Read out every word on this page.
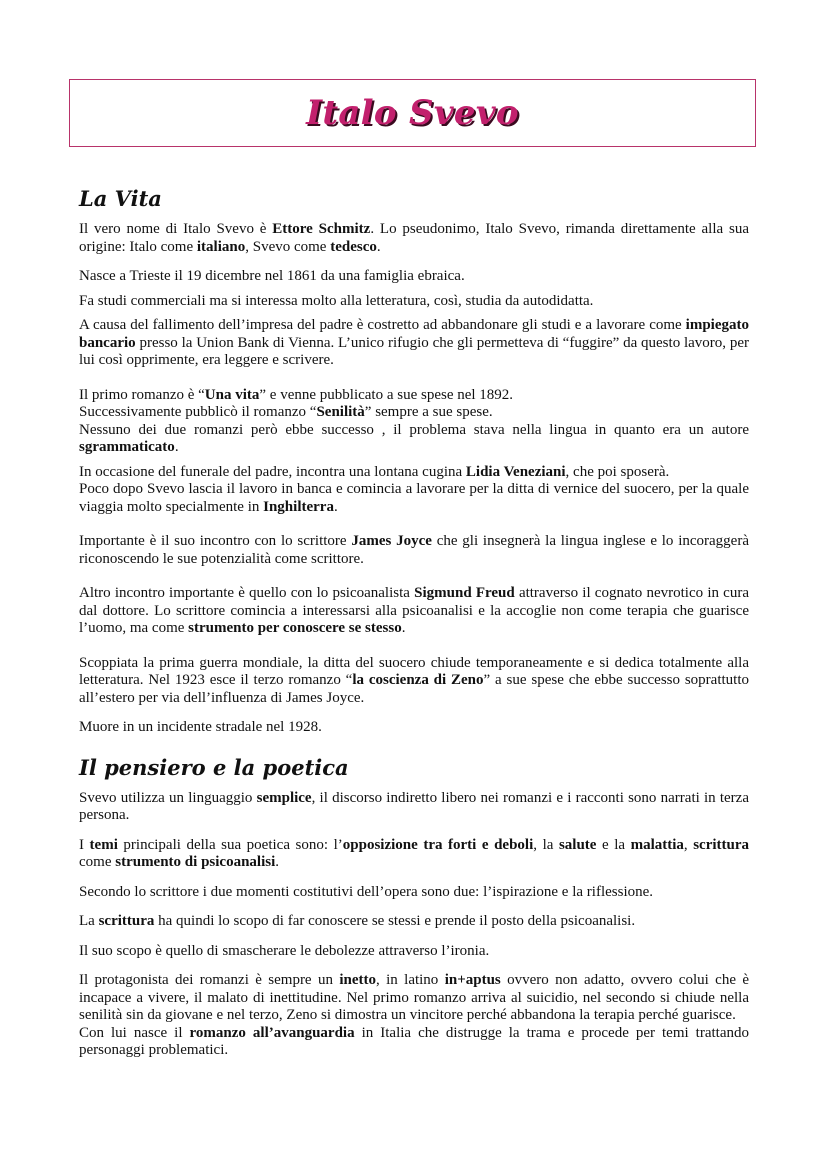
Italo Svevo
La Vita

Il vero nome di Italo Svevo è Ettore Schmitz. Lo pseudonimo, Italo Svevo, rimanda direttamente alla sua origine: Italo come italiano, Svevo come tedesco.

Nasce a Trieste il 19 dicembre nel 1861 da una famiglia ebraica.

Fa studi commerciali ma si interessa molto alla letteratura, così, studia da autodidatta.

A causa del fallimento dell’impresa del padre è costretto ad abbandonare gli studi e a lavorare come impiegato bancario presso la Union Bank di Vienna. L’unico rifugio che gli permetteva di “fuggire” da questo lavoro, per lui così opprimente, era leggere e scrivere.

Il primo romanzo è “Una vita” e venne pubblicato a sue spese nel 1892.

Successivamente pubblicò il romanzo “Senilità” sempre a sue spese.

Nessuno dei due romanzi però ebbe successo , il problema stava nella lingua in quanto era un autore sgrammaticato.

In occasione del funerale del padre, incontra una lontana cugina Lidia Veneziani, che poi sposerà.

Poco dopo Svevo lascia il lavoro in banca e comincia a lavorare per la ditta di vernice del suocero, per la quale viaggia molto specialmente in Inghilterra.

Importante è il suo incontro con lo scrittore James Joyce che gli insegnerà la lingua inglese e lo incoraggerà riconoscendo le sue potenzialità come scrittore.

Altro incontro importante è quello con lo psicoanalista Sigmund Freud attraverso il cognato nevrotico in cura dal dottore. Lo scrittore comincia a interessarsi alla psicoanalisi e la accoglie non come terapia che guarisce l’uomo, ma come strumento per conoscere se stesso.

Scoppiata la prima guerra mondiale, la ditta del suocero chiude temporaneamente e si dedica totalmente alla letteratura. Nel 1923 esce il terzo romanzo “la coscienza di Zeno” a sue spese che ebbe successo soprattutto all’estero per via dell’influenza di James Joyce.

Muore in un incidente stradale nel 1928.

Il pensiero e la poetica

Svevo utilizza un linguaggio semplice, il discorso indiretto libero nei romanzi e i racconti sono narrati in terza persona.

I temi principali della sua poetica sono: l’opposizione tra forti e deboli, la salute e la malattia, scrittura come strumento di psicoanalisi.

Secondo lo scrittore i due momenti costitutivi dell’opera sono due: l’ispirazione e la riflessione.

La scrittura ha quindi lo scopo di far conoscere se stessi e prende il posto della psicoanalisi.

Il suo scopo è quello di smascherare le debolezze attraverso l’ironia.

Il protagonista dei romanzi è sempre un inetto, in latino in+aptus ovvero non adatto, ovvero colui che è incapace a vivere, il malato di inettitudine. Nel primo romanzo arriva al suicidio, nel secondo si chiude nella senilità sin da giovane e nel terzo, Zeno si dimostra un vincitore perché abbandona la terapia perché guarisce.

Con lui nasce il romanzo all’avanguardia in Italia che distrugge la trama e procede per temi trattando personaggi problematici.
